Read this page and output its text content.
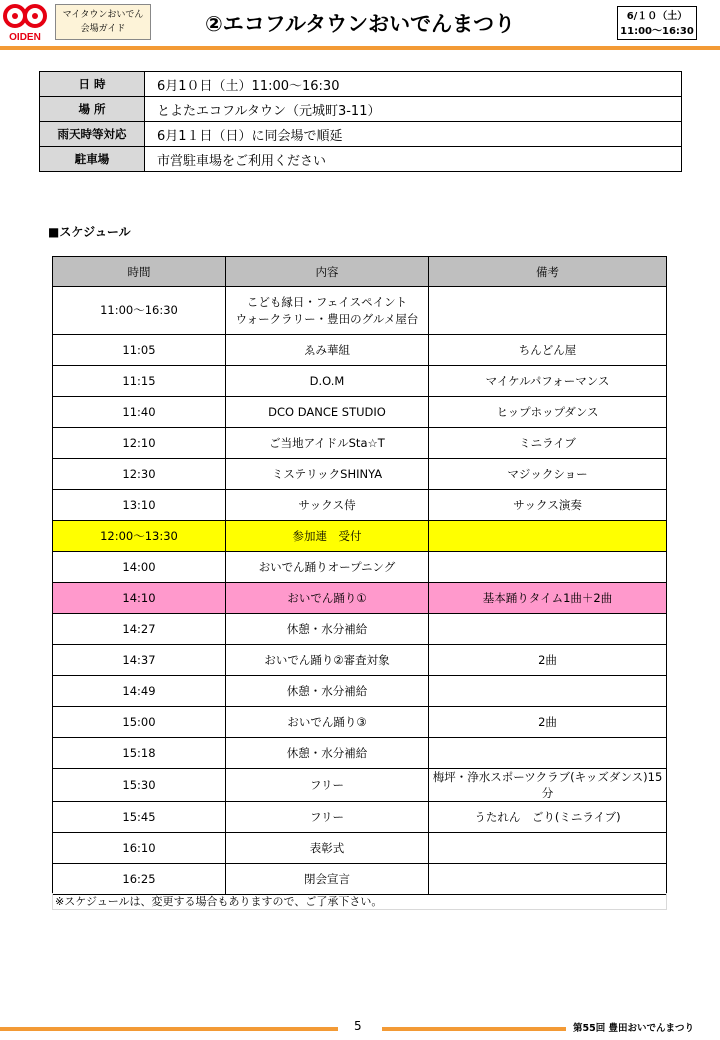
OIDEN
マイタウンおいでん
会場ガイド	②エコフルタウンおいでんまつり	6/１０（土）
11:00〜16:30
日 時	6月1０日（土）11:00〜16:30
場 所	とよたエコフルタウン（元城町3-11）
雨天時等対応	6月1１日（日）に同会場で順延
駐車場	市営駐車場をご利用ください
■スケジュール
時間	内容	備考
11:00〜16:30	こども縁日・フェイスペイント
ウォークラリー・豊田のグルメ屋台	

11:05	ゑみ華組	ちんどん屋
11:15	D.O.M	マイケルパフォーマンス
11:40	DCO DANCE STUDIO	ヒップホップダンス
12:10	ご当地アイドルSta☆T	ミニライブ
12:30	ミステリックSHINYA	マジックショー
13:10	サックス侍	サックス演奏
12:00〜13:30	参加連　受付	
14:00	おいでん踊りオープニング	
14:10	おいでん踊り①	基本踊りタイム1曲＋2曲
14:27	休憩・水分補給	
14:37	おいでん踊り②審査対象	2曲
14:49	休憩・水分補給	
15:00	おいでん踊り③	2曲
15:18	休憩・水分補給	
15:30	フリー	梅坪・浄水スポーツクラブ(キッズダンス)15分
15:45	フリー	うたれん　ごり(ミニライブ)
16:10	表彰式	
16:25	閉会宣言	
※スケジュールは、変更する場合もありますので、ご了承下さい。
5	第55回 豊田おいでんまつり
